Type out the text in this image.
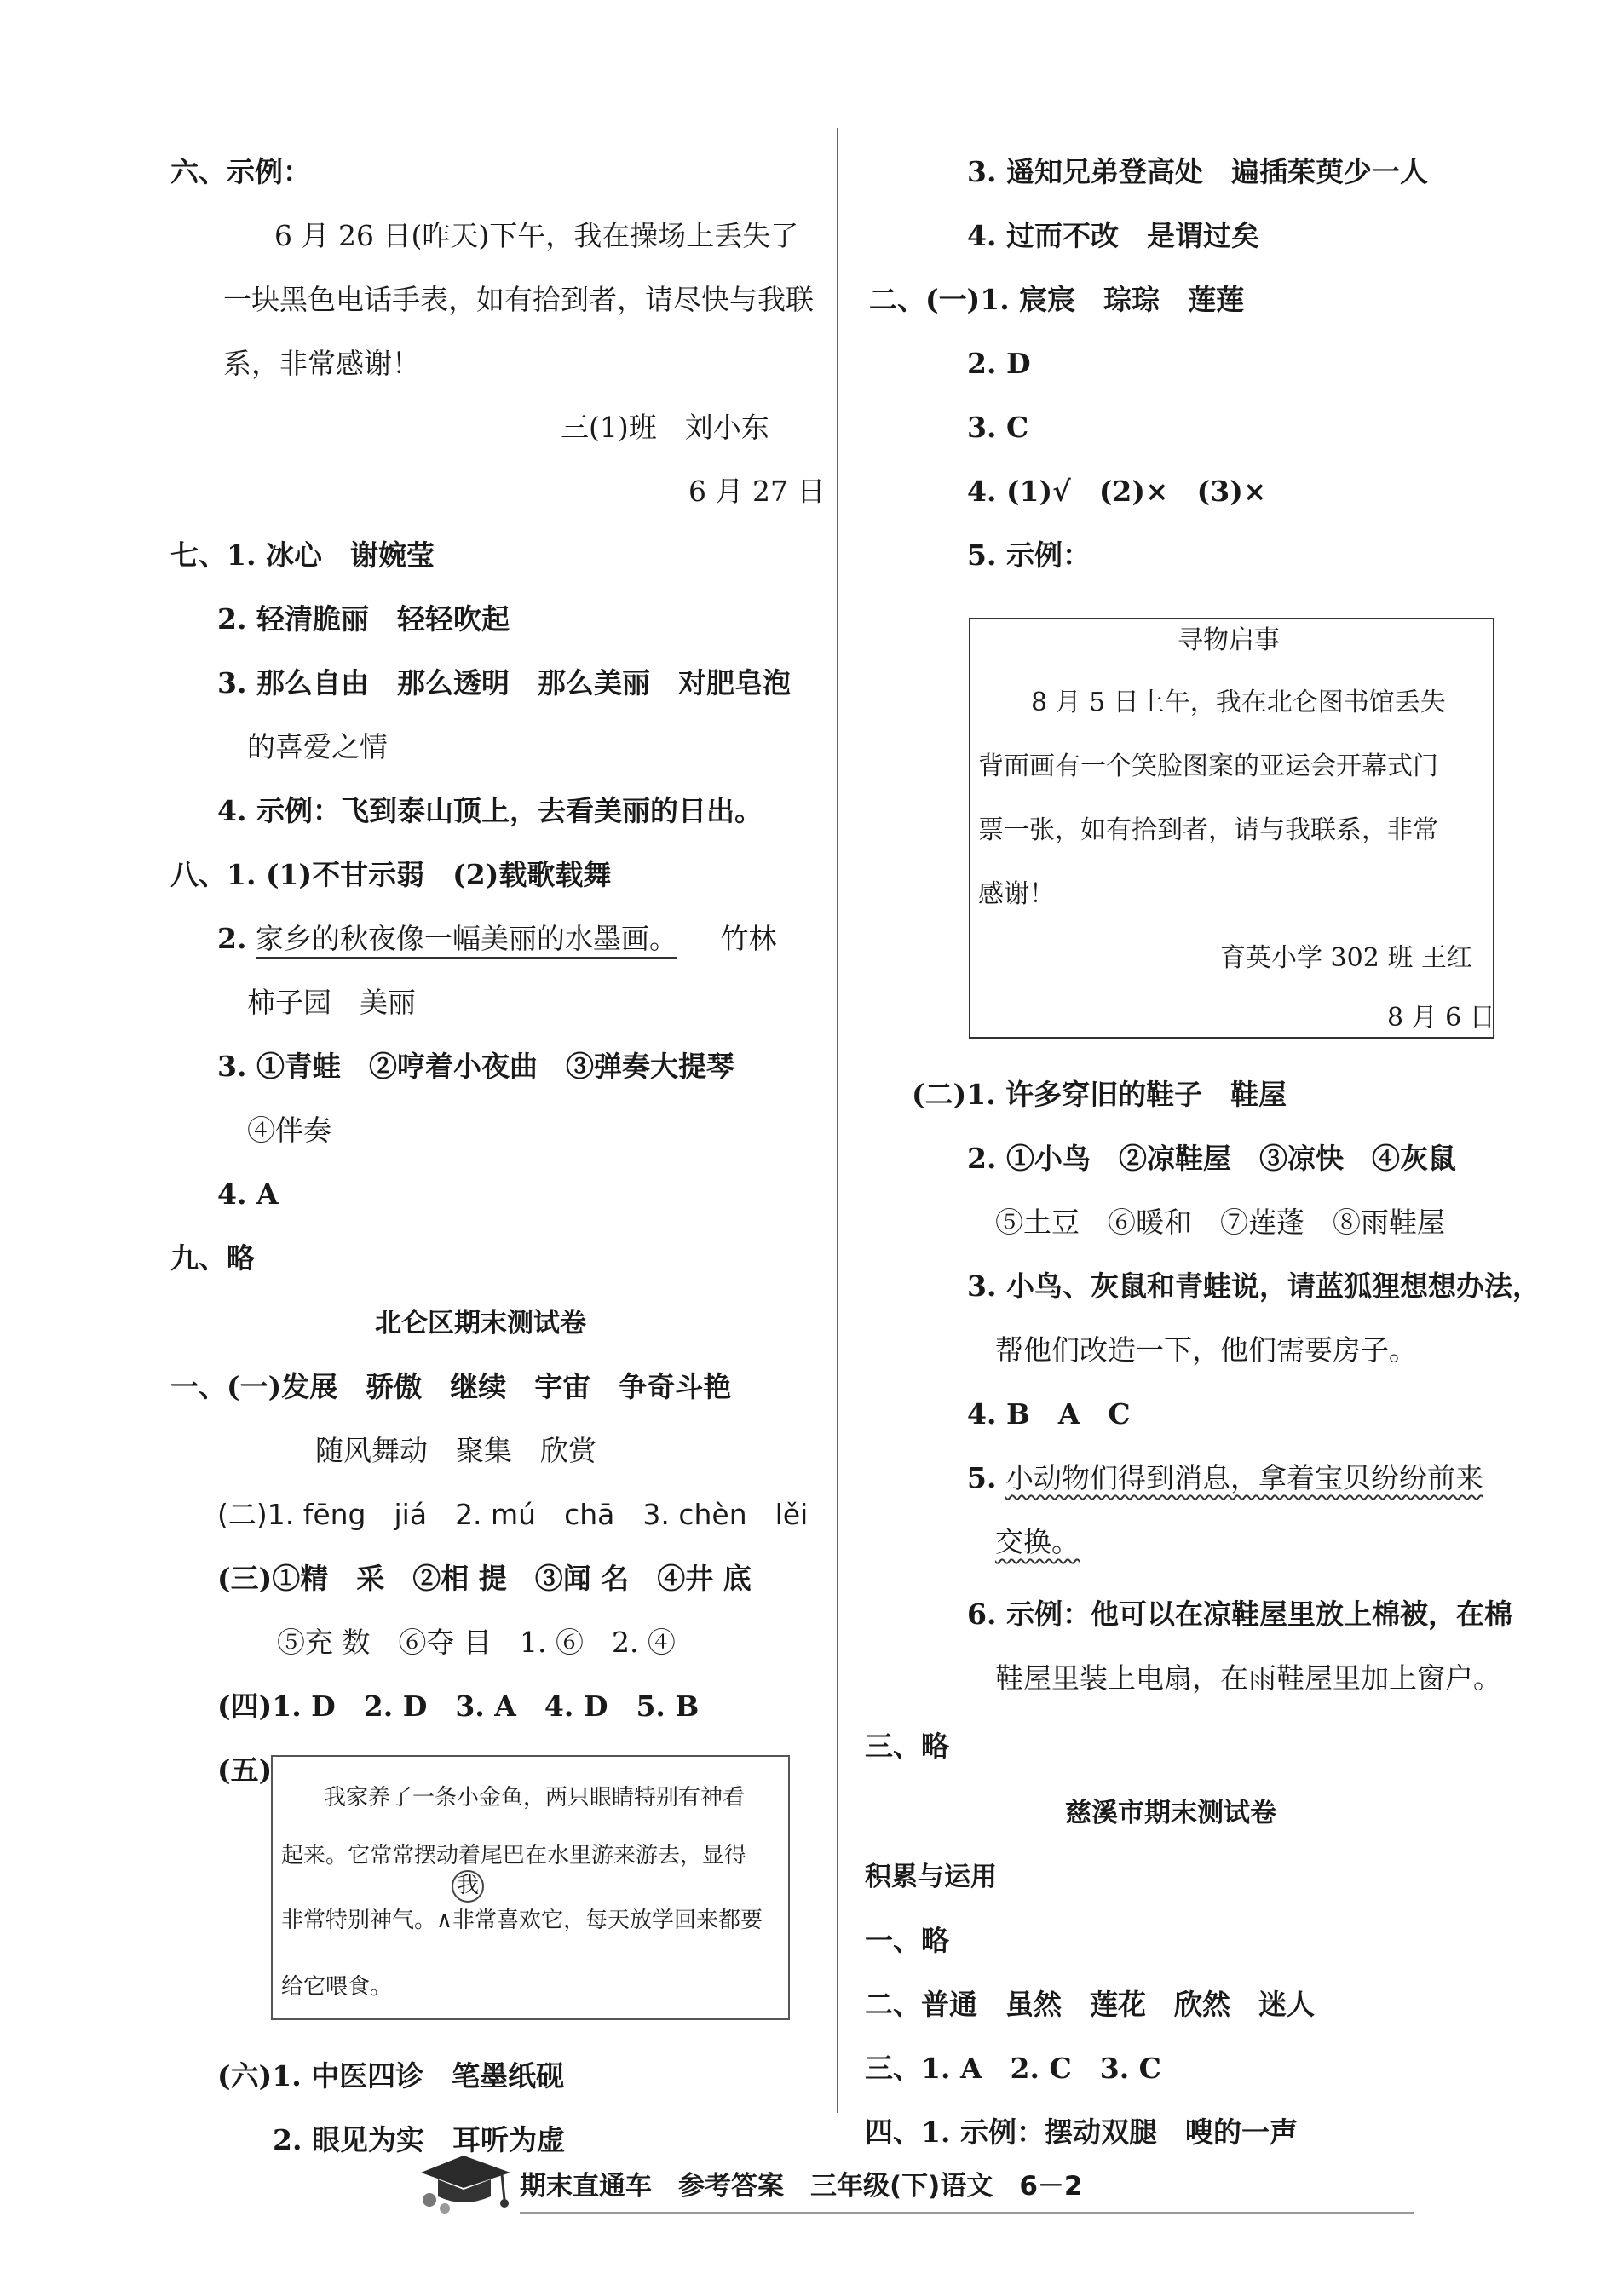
六、示例：
6 月 26 日(昨天)下午，我在操场上丢失了
一块黑色电话手表，如有拾到者，请尽快与我联
系，非常感谢！
三(1)班　刘小东
6 月 27 日
七、1. 冰心　谢婉莹
2. 轻清脆丽　轻轻吹起
3. 那么自由　那么透明　那么美丽　对肥皂泡
的喜爱之情
4. 示例：飞到泰山顶上，去看美丽的日出。
八、1. (1)不甘示弱　(2)载歌载舞
2. 家乡的秋夜像一幅美丽的水墨画。 竹林
柿子园　美丽
3. ①青蛙　②哼着小夜曲　③弹奏大提琴
④伴奏
4. A
九、略
北仑区期末测试卷
一、(一)发展　骄傲　继续　宇宙　争奇斗艳
随风舞动　聚集　欣赏
(二)1. fēng　jiá　2. mú　chā　3. chèn　lěi
(三)①精　采　②相 提　③闻 名　④井 底
⑤充 数　⑥夺 目　1. ⑥　2. ④
(四)1. D　2. D　3. A　4. D　5. B
(五)
我家养了一条小金鱼，两只眼睛特别有神看
起来。它常常摆动着尾巴在水里游来游去，显得
我
非常特别神气。∧非常喜欢它，每天放学回来都要
给它喂食。
(六)1. 中医四诊　笔墨纸砚
2. 眼见为实　耳听为虚
3. 遥知兄弟登高处　遍插茱萸少一人
4. 过而不改　是谓过矣
二、(一)1. 宸宸　琮琮　莲莲
2. D
3. C
4. (1)√　(2)×　(3)×
5. 示例：
寻物启事
8 月 5 日上午，我在北仑图书馆丢失
背面画有一个笑脸图案的亚运会开幕式门
票一张，如有拾到者，请与我联系，非常
感谢！
育英小学 302 班 王红
8 月 6 日
(二)1. 许多穿旧的鞋子　鞋屋
2. ①小鸟　②凉鞋屋　③凉快　④灰鼠
⑤土豆　⑥暖和　⑦莲蓬　⑧雨鞋屋
3. 小鸟、灰鼠和青蛙说，请蓝狐狸想想办法，
帮他们改造一下，他们需要房子。
4. B　A　C
5. 小动物们得到消息，拿着宝贝纷纷前来
交换。
6. 示例：他可以在凉鞋屋里放上棉被，在棉
鞋屋里装上电扇，在雨鞋屋里加上窗户。
三、略
慈溪市期末测试卷
积累与运用
一、略
二、普通　虽然　莲花　欣然　迷人
三、1. A　2. C　3. C
四、1. 示例：摆动双腿　嗖的一声
期末直通车　参考答案　三年级(下)语文　6－2
